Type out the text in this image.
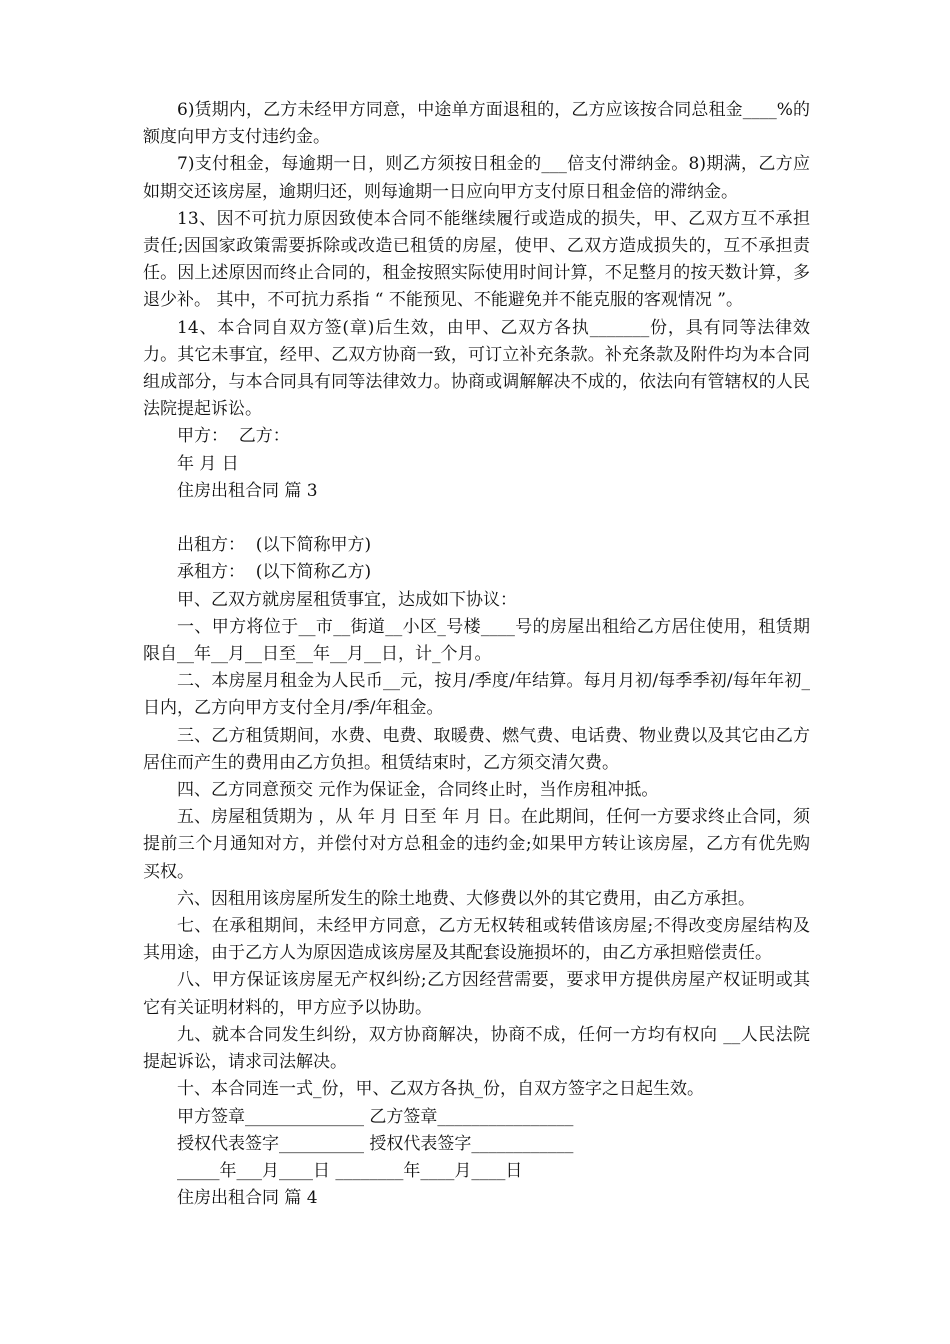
6)赁期内，乙方未经甲方同意，中途单方面退租的，乙方应该按合同总租金____%的额度向甲方支付违约金。

7)支付租金，每逾期一日，则乙方须按日租金的___倍支付滞纳金。8)期满，乙方应如期交还该房屋，逾期归还，则每逾期一日应向甲方支付原日租金倍的滞纳金。

13、因不可抗力原因致使本合同不能继续履行或造成的损失，甲、乙双方互不承担责任;因国家政策需要拆除或改造已租赁的房屋，使甲、乙双方造成损失的，互不承担责任。因上述原因而终止合同的，租金按照实际使用时间计算，不足整月的按天数计算，多退少补。 其中，不可抗力系指 “ 不能预见、不能避免并不能克服的客观情况 ”。

14、本合同自双方签(章)后生效，由甲、乙双方各执_______份，具有同等法律效力。其它未事宜，经甲、乙双方协商一致，可订立补充条款。补充条款及附件均为本合同组成部分，与本合同具有同等法律效力。协商或调解解决不成的，依法向有管辖权的人民法院提起诉讼。

甲方：  乙方：

年 月 日

住房出租合同 篇 3

出租方：  (以下简称甲方)

承租方：  (以下简称乙方)

甲、乙双方就房屋租赁事宜，达成如下协议：

一、甲方将位于__市__街道__小区_号楼____号的房屋出租给乙方居住使用，租赁期限自__年__月__日至__年__月__日，计_个月。

二、本房屋月租金为人民币__元，按月/季度/年结算。每月月初/每季季初/每年年初_日内，乙方向甲方支付全月/季/年租金。

三、乙方租赁期间，水费、电费、取暖费、燃气费、电话费、物业费以及其它由乙方居住而产生的费用由乙方负担。租赁结束时，乙方须交清欠费。

四、乙方同意预交 元作为保证金，合同终止时，当作房租冲抵。

五、房屋租赁期为 ，从 年 月 日至 年 月 日。在此期间，任何一方要求终止合同，须提前三个月通知对方，并偿付对方总租金的违约金;如果甲方转让该房屋，乙方有优先购买权。

六、因租用该房屋所发生的除土地费、大修费以外的其它费用，由乙方承担。

七、在承租期间，未经甲方同意，乙方无权转租或转借该房屋;不得改变房屋结构及其用途，由于乙方人为原因造成该房屋及其配套设施损坏的，由乙方承担赔偿责任。

八、甲方保证该房屋无产权纠纷;乙方因经营需要，要求甲方提供房屋产权证明或其它有关证明材料的，甲方应予以协助。

九、就本合同发生纠纷，双方协商解决，协商不成，任何一方均有权向 __人民法院提起诉讼，请求司法解决。

十、本合同连一式_份，甲、乙双方各执_份，自双方签字之日起生效。

甲方签章______________ 乙方签章________________

授权代表签字__________ 授权代表签字____________

_____年___月____日 ________年____月____日

住房出租合同 篇 4
